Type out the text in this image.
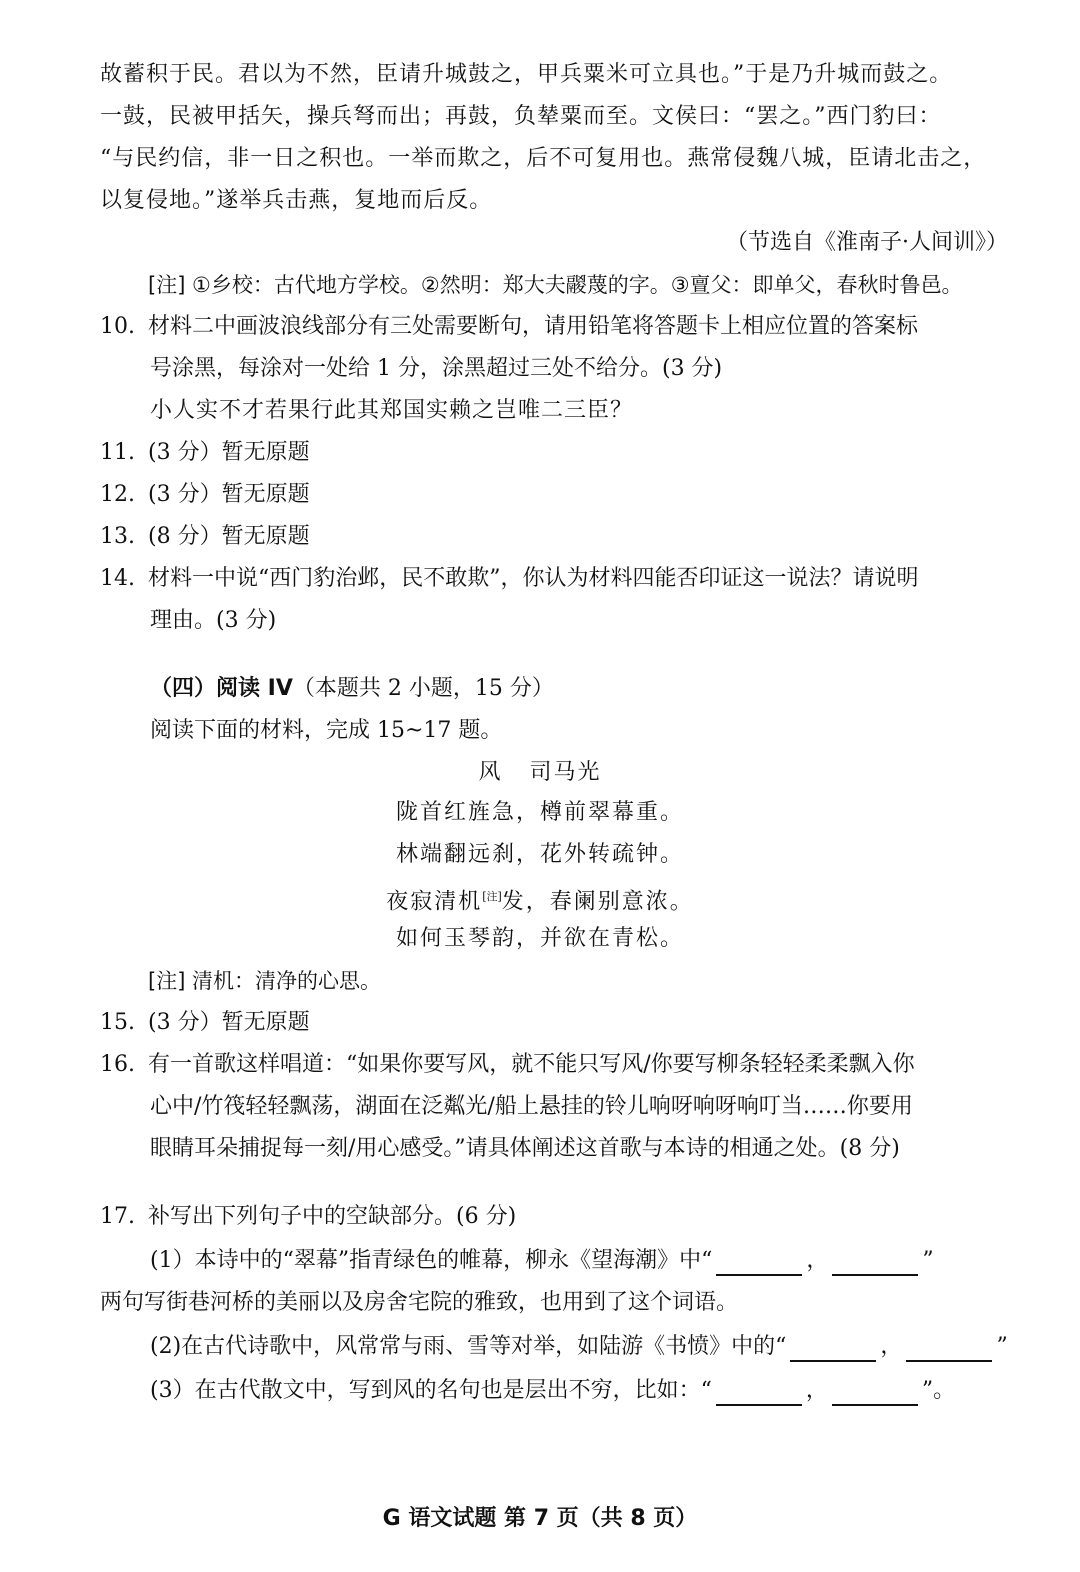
故蓄积于民。君以为不然，臣请升城鼓之，甲兵粟米可立具也。”于是乃升城而鼓之。
一鼓，民被甲括矢，操兵弩而出；再鼓，负辇粟而至。文侯曰：“罢之。”西门豹曰：
“与民约信，非一日之积也。一举而欺之，后不可复用也。燕常侵魏八城，臣请北击之，
以复侵地。”遂举兵击燕，复地而后反。
（节选自《淮南子·人间训》）
[注] ①乡校：古代地方学校。②然明：郑大夫鬷蔑的字。③亶父：即单父，春秋时鲁邑。
10. 材料二中画波浪线部分有三处需要断句，请用铅笔将答题卡上相应位置的答案标
号涂黑，每涂对一处给 1 分，涂黑超过三处不给分。(3 分)
小人实不才若果行此其郑国实赖之岂唯二三臣？
11. (3 分）暂无原题
12. (3 分）暂无原题
13. (8 分）暂无原题
14. 材料一中说“西门豹治邺，民不敢欺”，你认为材料四能否印证这一说法？请说明
理由。(3 分)
（四）阅读 IV（本题共 2 小题，15 分）
阅读下面的材料，完成 15~17 题。
风 司马光
陇首红旌急，樽前翠幕重。
林端翻远刹，花外转疏钟。
夜寂清机[注]发，春阑别意浓。
如何玉琴韵，并欲在青松。
[注] 清机：清净的心思。
15. (3 分）暂无原题
16. 有一首歌这样唱道：“如果你要写风，就不能只写风/你要写柳条轻轻柔柔飘入你
心中/竹筏轻轻飘荡，湖面在泛粼光/船上悬挂的铃儿响呀响呀响叮当……你要用
眼睛耳朵捕捉每一刻/用心感受。”请具体阐述这首歌与本诗的相通之处。(8 分)
17. 补写出下列句子中的空缺部分。(6 分)
(1）本诗中的“翠幕”指青绿色的帷幕，柳永《望海潮》中“	，	”
两句写街巷河桥的美丽以及房舍宅院的雅致，也用到了这个词语。
(2)在古代诗歌中，风常常与雨、雪等对举，如陆游《书愤》中的“	，	”
(3）在古代散文中，写到风的名句也是层出不穷，比如：“	，	”。
G 语文试题 第 7 页（共 8 页）
